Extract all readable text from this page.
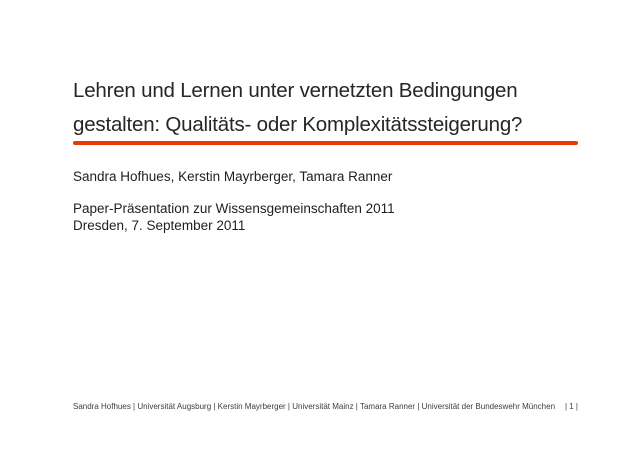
Lehren und Lernen unter vernetzten Bedingungen
gestalten: Qualitäts- oder Komplexitätssteigerung?

Sandra Hofhues, Kerstin Mayrberger, Tamara Ranner

Paper-Präsentation zur Wissensgemeinschaften 2011
Dresden, 7. September 2011

Sandra Hofhues | Universität Augsburg | Kerstin Mayrberger | Universität Mainz | Tamara Ranner | Universität der Bundeswehr München | 1 |
